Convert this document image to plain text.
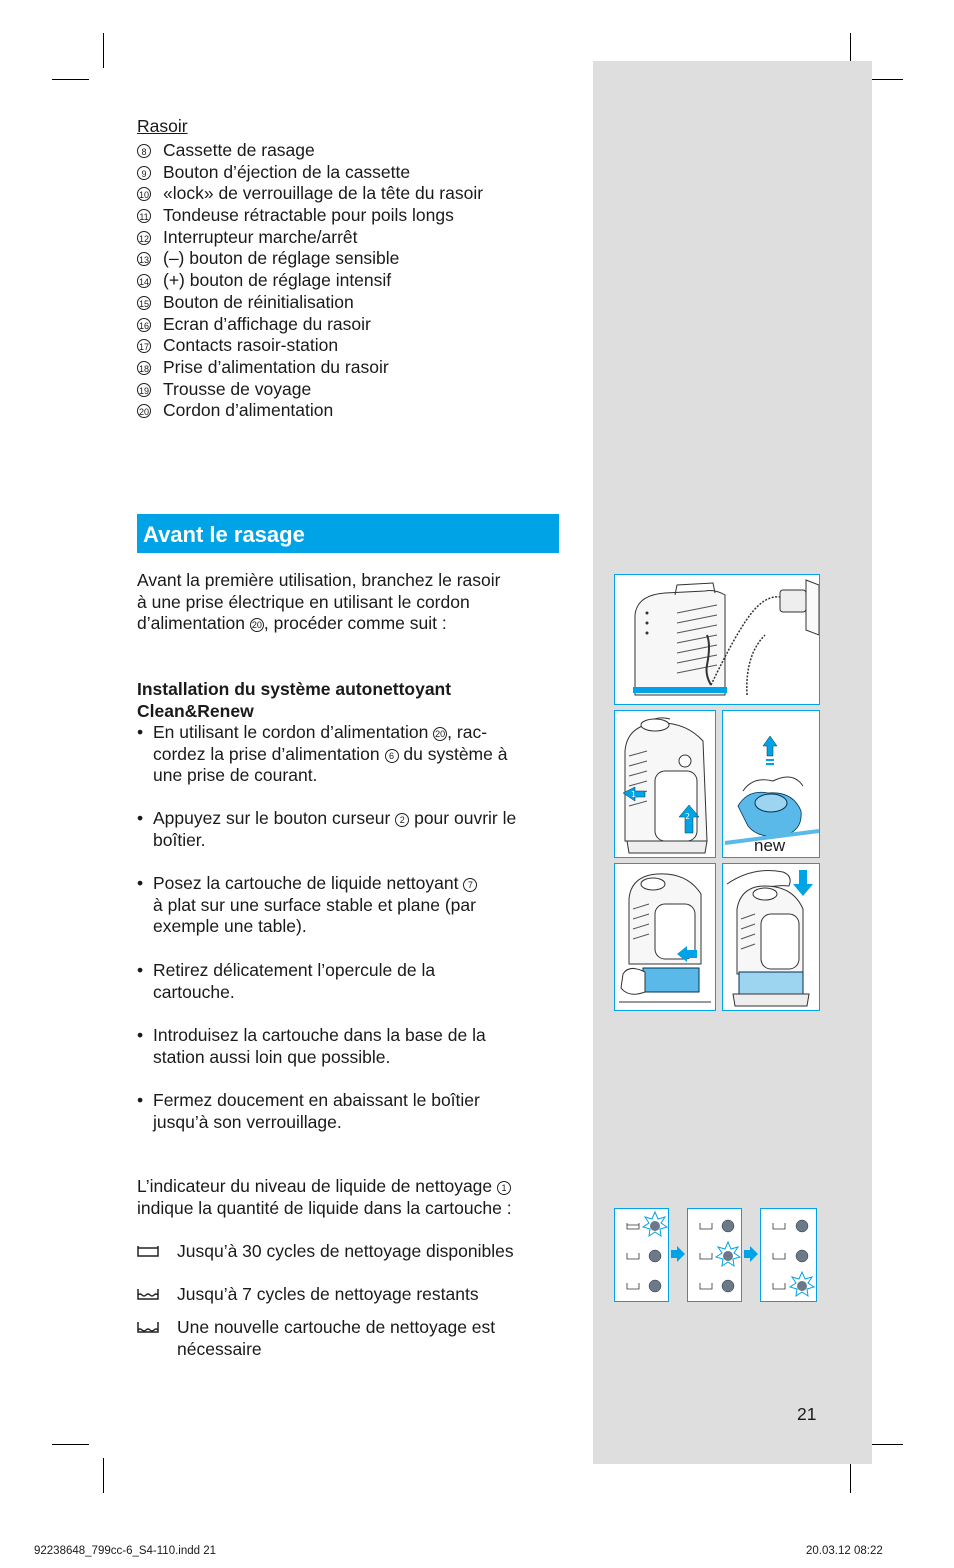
Rasoir
8 Cassette de rasage
9 Bouton d’éjection de la cassette
10 «lock» de verrouillage de la tête du rasoir
11 Tondeuse rétractable pour poils longs
12 Interrupteur marche/arrêt
13 (–) bouton de réglage sensible
14 (+) bouton de réglage intensif
15 Bouton de réinitialisation
16 Ecran d’affichage du rasoir
17 Contacts rasoir-station
18 Prise d’alimentation du rasoir
19 Trousse de voyage
20 Cordon d’alimentation
Avant le rasage
Avant la première utilisation, branchez le rasoir
à une prise électrique en utilisant le cordon
d’alimentation 20 , procéder comme suit :
Installation du système autonettoyant
Clean&Renew
• En utilisant le cordon d’alimentation 20 , rac-
cordez la prise d’alimentation 6 du système à
une prise de courant.
• Appuyez sur le bouton curseur 2 pour ouvrir le
boîtier.
• Posez la cartouche de liquide nettoyant 7
à plat sur une surface stable et plane (par
exemple une table).
• Retirez délicatement l’opercule de la
cartouche.
• Introduisez la cartouche dans la base de la
station aussi loin que possible.
• Fermez doucement en abaissant le boîtier
jusqu’à son verrouillage.
L’indicateur du niveau de liquide de nettoyage 1
indique la quantité de liquide dans la cartouche :
Jusqu’à 30 cycles de nettoyage disponibles
Jusqu’à 7 cycles de nettoyage restants
Une nouvelle cartouche de nettoyage est nécessaire
1
2
new
21
92238648_799cc-6_S4-110.indd 21	20.03.12 08:22
